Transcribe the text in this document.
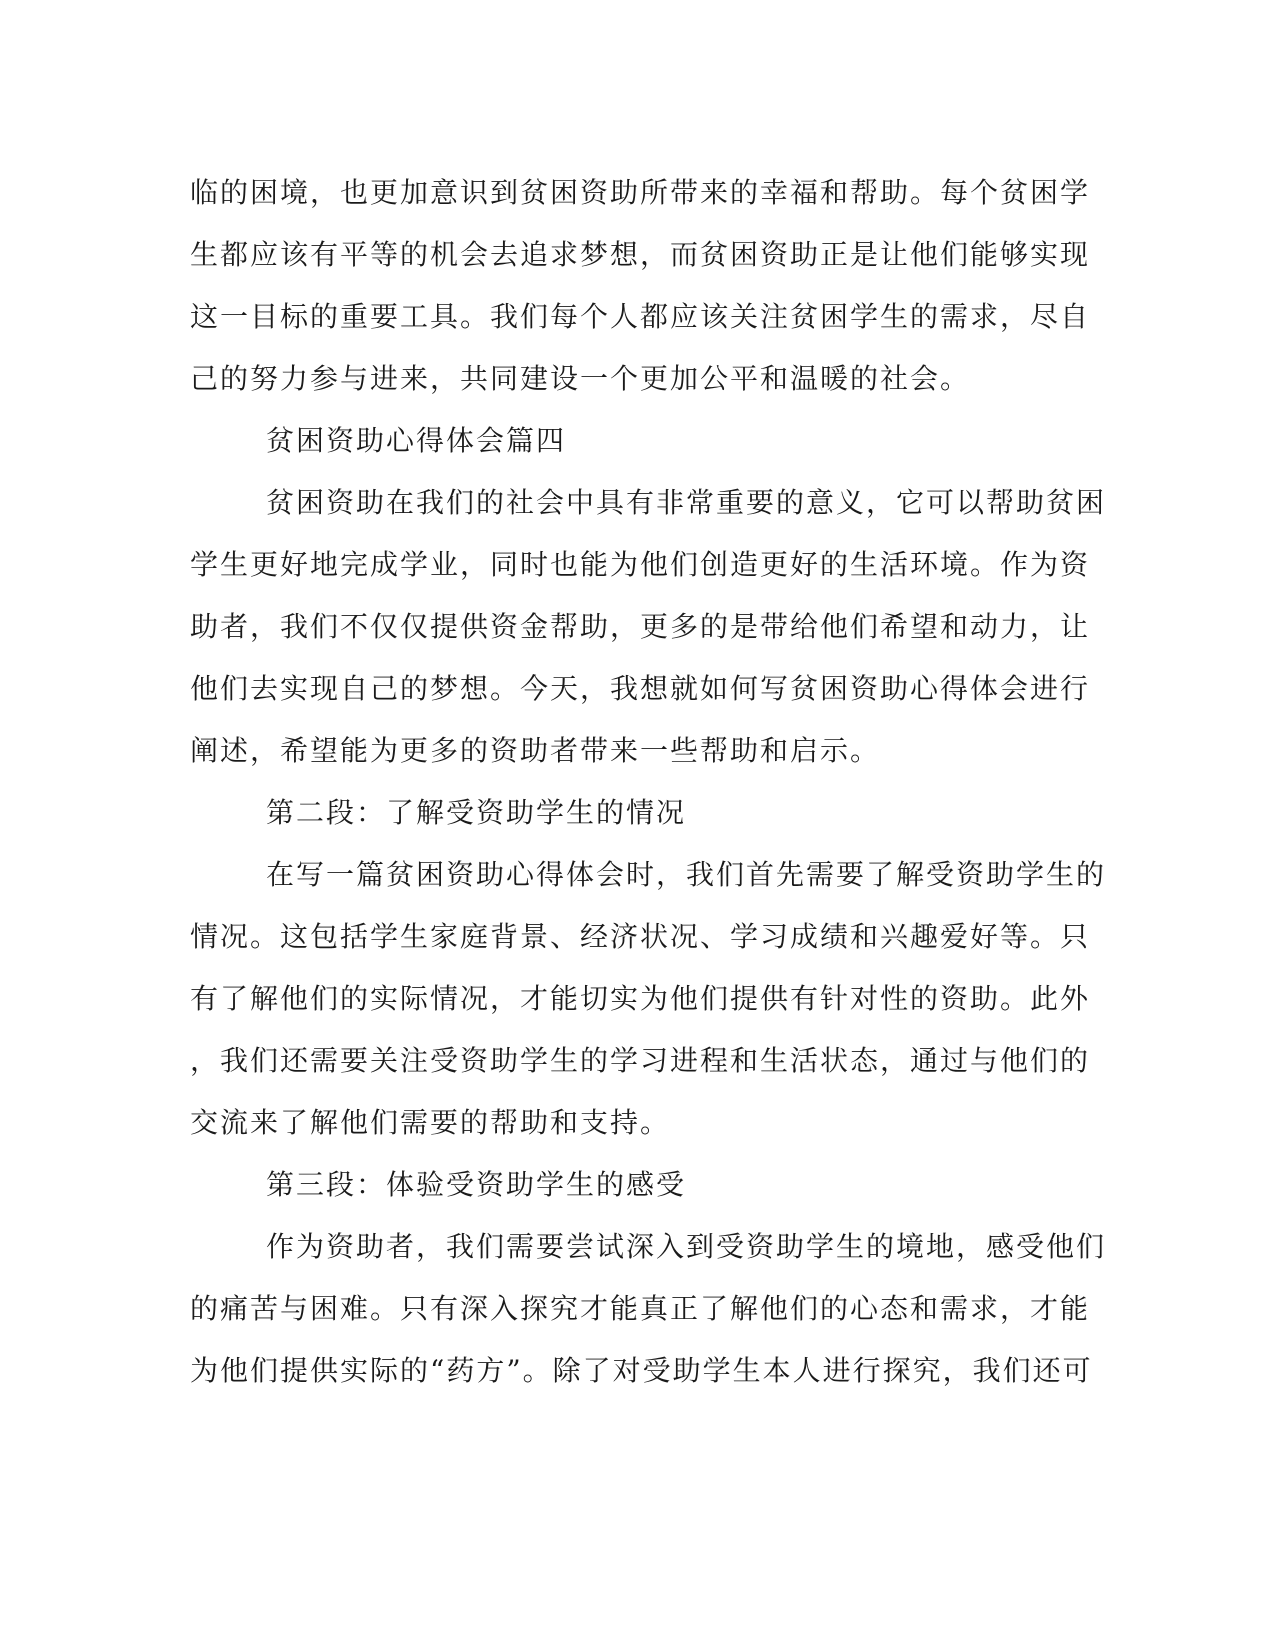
临的困境，也更加意识到贫困资助所带来的幸福和帮助。每个贫困学
生都应该有平等的机会去追求梦想，而贫困资助正是让他们能够实现
这一目标的重要工具。我们每个人都应该关注贫困学生的需求，尽自
己的努力参与进来，共同建设一个更加公平和温暖的社会。
贫困资助心得体会篇四
贫困资助在我们的社会中具有非常重要的意义，它可以帮助贫困
学生更好地完成学业，同时也能为他们创造更好的生活环境。作为资
助者，我们不仅仅提供资金帮助，更多的是带给他们希望和动力，让
他们去实现自己的梦想。今天，我想就如何写贫困资助心得体会进行
阐述，希望能为更多的资助者带来一些帮助和启示。
第二段：了解受资助学生的情况
在写一篇贫困资助心得体会时，我们首先需要了解受资助学生的
情况。这包括学生家庭背景、经济状况、学习成绩和兴趣爱好等。只
有了解他们的实际情况，才能切实为他们提供有针对性的资助。此外
，我们还需要关注受资助学生的学习进程和生活状态，通过与他们的
交流来了解他们需要的帮助和支持。
第三段：体验受资助学生的感受
作为资助者，我们需要尝试深入到受资助学生的境地，感受他们
的痛苦与困难。只有深入探究才能真正了解他们的心态和需求，才能
为他们提供实际的“药方”。除了对受助学生本人进行探究，我们还可
